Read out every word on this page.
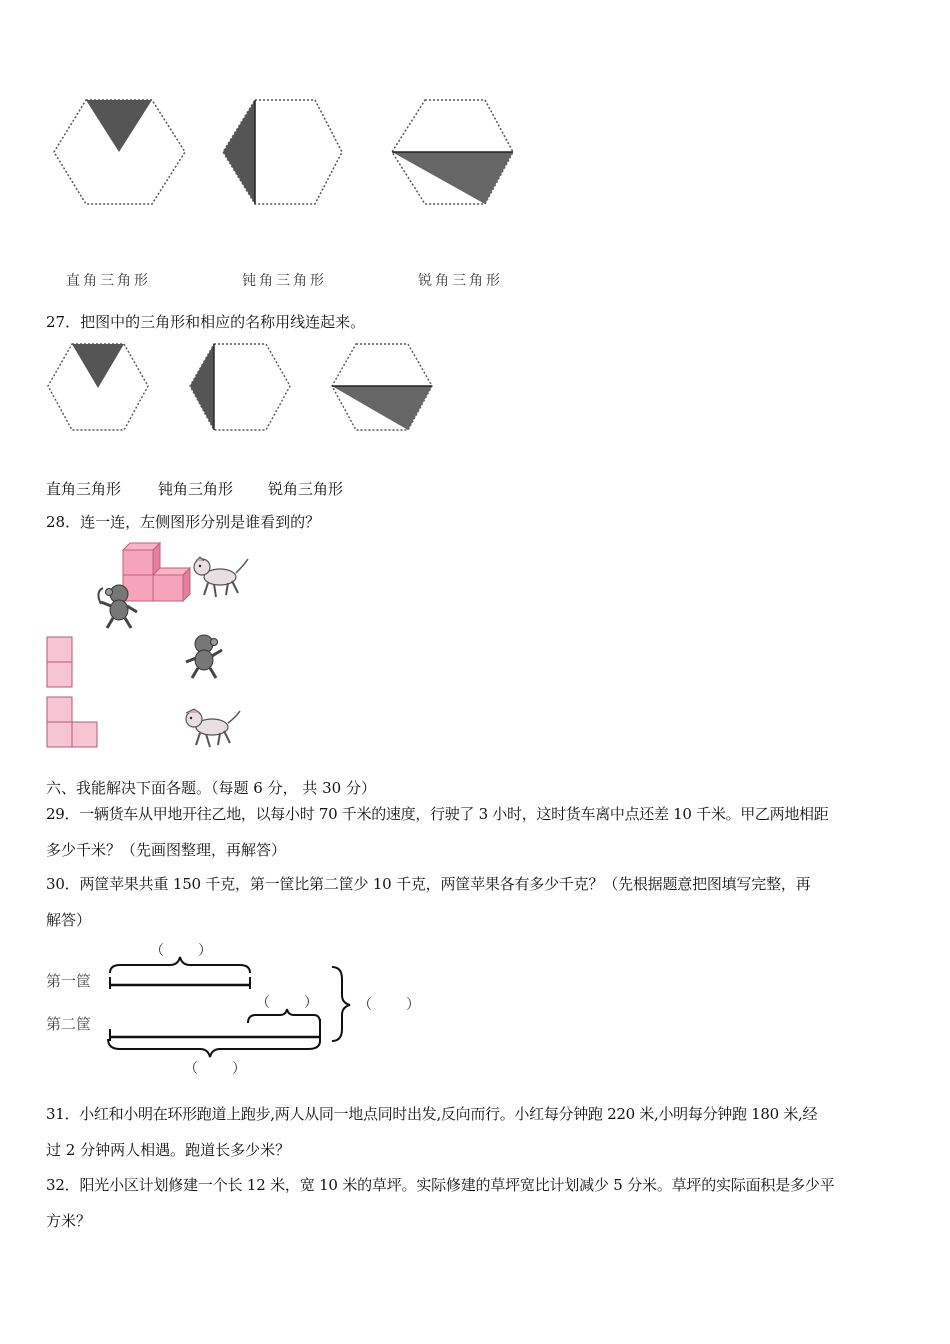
直角三角形	钝角三角形	锐角三角形
27．把图中的三角形和相应的名称用线连起来。
直角三角形 钝角三角形 锐角三角形
28．连一连，左侧图形分别是谁看到的？
六、我能解决下面各题。（每题 6 分， 共 30 分）
29．一辆货车从甲地开往乙地，以每小时 70 千米的速度，行驶了 3 小时，这时货车离中点还差 10 千米。甲乙两地相距
多少千米？（先画图整理，再解答）
30．两筐苹果共重 150 千克，第一筐比第二筐少 10 千克，两筐苹果各有多少千克？（先根据题意把图填写完整，再
解答）
（　　）
第一筐
第二筐
（　　）	（　　）
（　　）
31．小红和小明在环形跑道上跑步,两人从同一地点同时出发,反向而行。小红每分钟跑 220 米,小明每分钟跑 180 米,经
过 2 分钟两人相遇。跑道长多少米？
32．阳光小区计划修建一个长 12 米，宽 10 米的草坪。实际修建的草坪宽比计划减少 5 分米。草坪的实际面积是多少平
方米？
